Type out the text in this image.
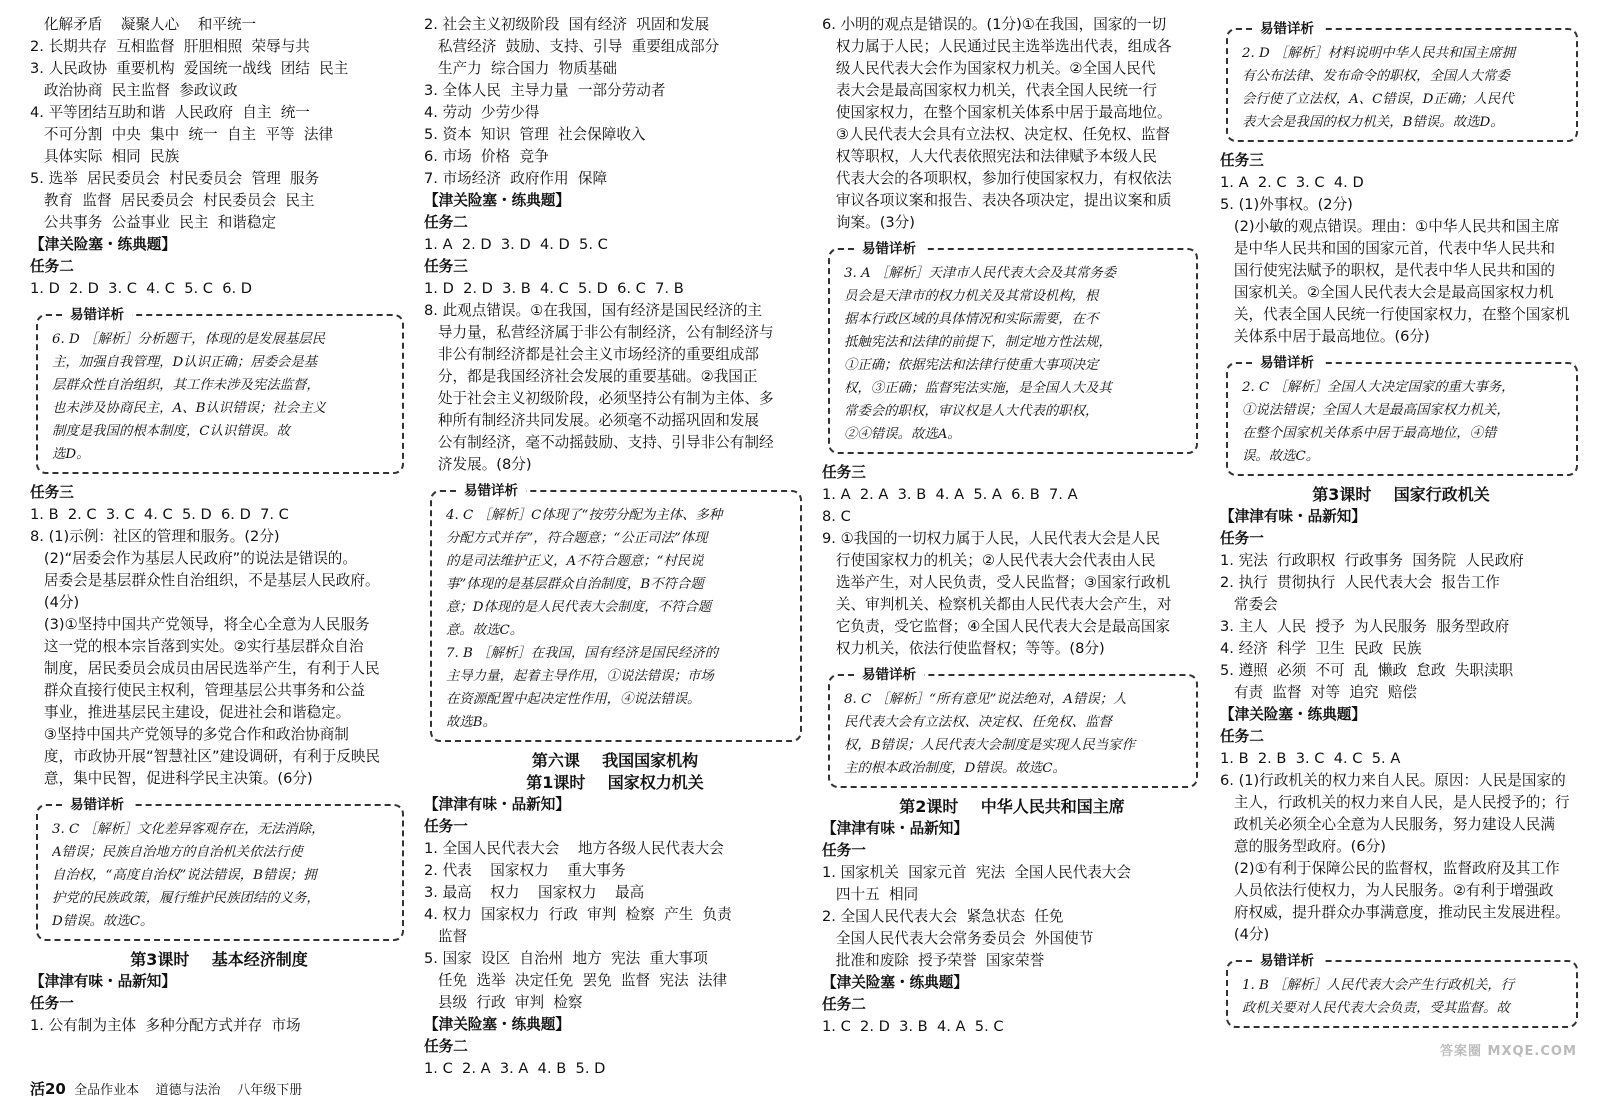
化解矛盾    凝聚人心    和平统一
2. 长期共存  互相监督  肝胆相照  荣辱与共
3. 人民政协  重要机构  爱国统一战线  团结  民主
政治协商  民主监督  参政议政
4. 平等团结互助和谐  人民政府  自主  统一
不可分割  中央  集中  统一  自主  平等  法律
具体实际  相同  民族
5. 选举  居民委员会  村民委员会  管理  服务
教育  监督  居民委员会  村民委员会  民主
公共事务  公益事业  民主  和谐稳定
【津关险塞・练典题】
任务二
1. D  2. D  3. C  4. C  5. C  6. D
易错详析
6. D ［解析］分析题干，体现的是发展基层民
主，加强自我管理，D认识正确；居委会是基
层群众性自治组织，其工作未涉及宪法监督，
也未涉及协商民主，A、B认识错误；社会主义
制度是我国的根本制度，C认识错误。故
选D。
任务三
1. B  2. C  3. C  4. C  5. D  6. D  7. C
8. (1)示例：社区的管理和服务。(2分)
(2)“居委会作为基层人民政府”的说法是错误的。
居委会是基层群众性自治组织，不是基层人民政府。
(4分)
(3)①坚持中国共产党领导，将全心全意为人民服务
这一党的根本宗旨落到实处。②实行基层群众自治
制度，居民委员会成员由居民选举产生，有利于人民
群众直接行使民主权利，管理基层公共事务和公益
事业，推进基层民主建设，促进社会和谐稳定。
③坚持中国共产党领导的多党合作和政治协商制
度，市政协开展“智慧社区”建设调研，有利于反映民
意，集中民智，促进科学民主决策。(6分)
易错详析
3. C ［解析］文化差异客观存在，无法消除，
A错误；民族自治地方的自治机关依法行使
自治权，“高度自治权”说法错误，B错误；拥
护党的民族政策，履行维护民族团结的义务，
D错误。故选C。
第3课时    基本经济制度
【津津有味・品新知】
任务一
1. 公有制为主体  多种分配方式并存  市场
2. 社会主义初级阶段  国有经济  巩固和发展
私营经济  鼓励、支持、引导  重要组成部分
生产力  综合国力  物质基础
3. 全体人民  主导力量  一部分劳动者
4. 劳动  少劳少得
5. 资本  知识  管理  社会保障收入
6. 市场  价格  竞争
7. 市场经济  政府作用  保障
【津关险塞・练典题】
任务二
1. A  2. D  3. D  4. D  5. C
任务三
1. D  2. D  3. B  4. C  5. D  6. C  7. B
8. 此观点错误。①在我国，国有经济是国民经济的主
导力量，私营经济属于非公有制经济，公有制经济与
非公有制经济都是社会主义市场经济的重要组成部
分，都是我国经济社会发展的重要基础。②我国正
处于社会主义初级阶段，必须坚持公有制为主体、多
种所有制经济共同发展。必须毫不动摇巩固和发展
公有制经济，毫不动摇鼓励、支持、引导非公有制经
济发展。(8分)
易错详析
4. C ［解析］C体现了“按劳分配为主体、多种
分配方式并存”，符合题意；“公正司法”体现
的是司法维护正义，A不符合题意；“村民说
事”体现的是基层群众自治制度，B不符合题
意；D体现的是人民代表大会制度，不符合题
意。故选C。
7. B ［解析］在我国，国有经济是国民经济的
主导力量，起着主导作用，①说法错误；市场
在资源配置中起决定性作用，④说法错误。
故选B。
第六课    我国国家机构
第1课时    国家权力机关
【津津有味・品新知】
任务一
1. 全国人民代表大会    地方各级人民代表大会
2. 代表    国家权力    重大事务
3. 最高    权力    国家权力    最高
4. 权力  国家权力  行政  审判  检察  产生  负责
监督
5. 国家  设区  自治州  地方  宪法  重大事项
任免  选举  决定任免  罢免  监督  宪法  法律
县级  行政  审判  检察
【津关险塞・练典题】
任务二
1. C  2. A  3. A  4. B  5. D
6. 小明的观点是错误的。(1分)①在我国，国家的一切
权力属于人民；人民通过民主选举选出代表，组成各
级人民代表大会作为国家权力机关。②全国人民代
表大会是最高国家权力机关，代表全国人民统一行
使国家权力，在整个国家机关体系中居于最高地位。
③人民代表大会具有立法权、决定权、任免权、监督
权等职权，人大代表依照宪法和法律赋予本级人民
代表大会的各项职权，参加行使国家权力，有权依法
审议各项议案和报告、表决各项决定，提出议案和质
询案。(3分)
易错详析
3. A ［解析］天津市人民代表大会及其常务委
员会是天津市的权力机关及其常设机构，根
据本行政区域的具体情况和实际需要，在不
抵触宪法和法律的前提下，制定地方性法规，
①正确；依据宪法和法律行使重大事项决定
权，③正确；监督宪法实施，是全国人大及其
常委会的职权，审议权是人大代表的职权，
②④错误。故选A。
任务三
1. A  2. A  3. B  4. A  5. A  6. B  7. A
8. C
9. ①我国的一切权力属于人民，人民代表大会是人民
行使国家权力的机关；②人民代表大会代表由人民
选举产生，对人民负责，受人民监督；③国家行政机
关、审判机关、检察机关都由人民代表大会产生，对
它负责，受它监督；④全国人民代表大会是最高国家
权力机关，依法行使监督权；等等。(8分)
易错详析
8. C ［解析］“所有意见”说法绝对，A错误；人
民代表大会有立法权、决定权、任免权、监督
权，B错误；人民代表大会制度是实现人民当家作
主的根本政治制度，D错误。故选C。
第2课时    中华人民共和国主席
【津津有味・品新知】
任务一
1. 国家机关  国家元首  宪法  全国人民代表大会
四十五  相同
2. 全国人民代表大会  紧急状态  任免
全国人民代表大会常务委员会  外国使节
批准和废除  授予荣誉  国家荣誉
【津关险塞・练典题】
任务二
1. C  2. D  3. B  4. A  5. C
易错详析
2. D ［解析］材料说明中华人民共和国主席拥
有公布法律、发布命令的职权，全国人大常委
会行使了立法权，A、C错误，D正确；人民代
表大会是我国的权力机关，B错误。故选D。
任务三
1. A  2. C  3. C  4. D
5. (1)外事权。(2分)
(2)小敏的观点错误。理由：①中华人民共和国主席
是中华人民共和国的国家元首，代表中华人民共和
国行使宪法赋予的职权，是代表中华人民共和国的
国家机关。②全国人民代表大会是最高国家权力机
关，代表全国人民统一行使国家权力，在整个国家机
关体系中居于最高地位。(6分)
易错详析
2. C ［解析］全国人大决定国家的重大事务，
①说法错误；全国人大是最高国家权力机关，
在整个国家机关体系中居于最高地位，④错
误。故选C。
第3课时    国家行政机关
【津津有味・品新知】
任务一
1. 宪法  行政职权  行政事务  国务院  人民政府
2. 执行  贯彻执行  人民代表大会  报告工作
常委会
3. 主人  人民  授予  为人民服务  服务型政府
4. 经济  科学  卫生  民政  民族
5. 遵照  必须  不可  乱  懒政  怠政  失职渎职
有责  监督  对等  追究  赔偿
【津关险塞・练典题】
任务二
1. B  2. B  3. C  4. C  5. A
6. (1)行政机关的权力来自人民。原因：人民是国家的
主人，行政机关的权力来自人民，是人民授予的；行
政机关必须全心全意为人民服务，努力建设人民满
意的服务型政府。(6分)
(2)①有利于保障公民的监督权，监督政府及其工作
人员依法行使权力，为人民服务。②有利于增强政
府权威，提升群众办事满意度，推动民主发展进程。
(4分)
易错详析
1. B ［解析］人民代表大会产生行政机关，行
政机关要对人民代表大会负责，受其监督。故
活20 全品作业本    道德与法治    八年级下册
答案圈 MXQE.COM
